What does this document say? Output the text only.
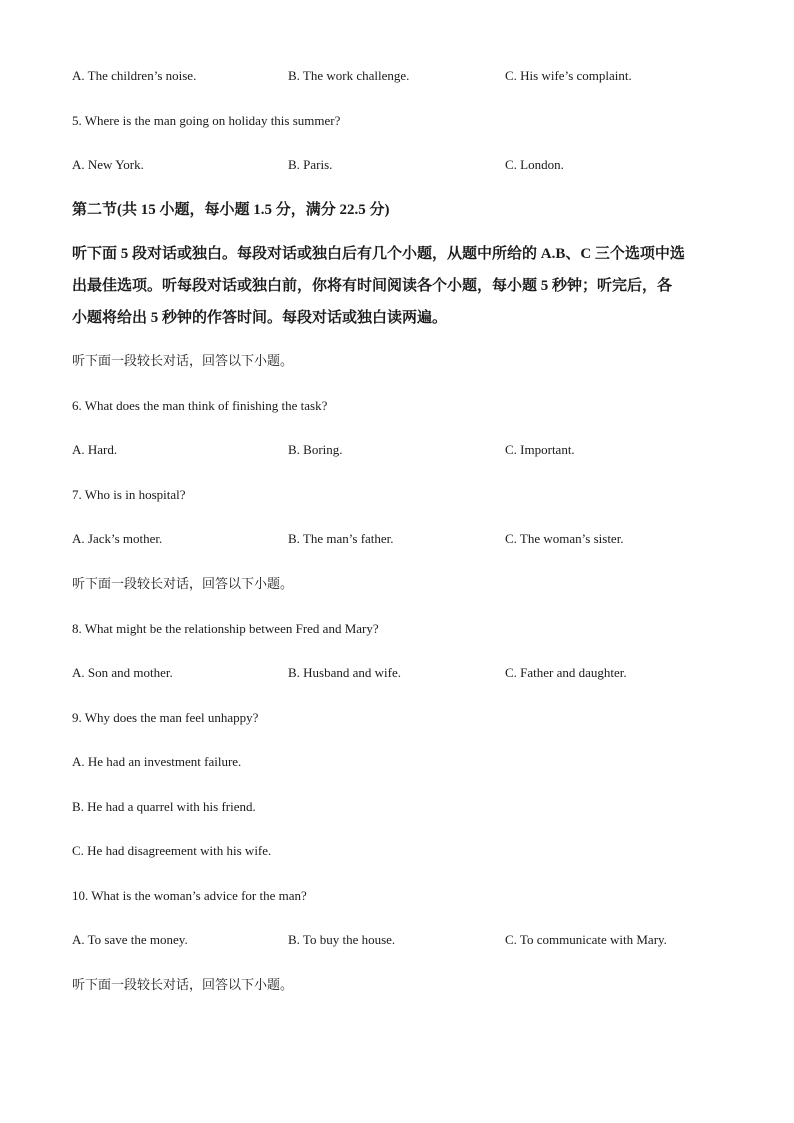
A. The children’s noise.	B. The work challenge.	C. His wife’s complaint.
5. Where is the man going on holiday this summer?
A. New York.	B. Paris.	C. London.
第二节(共 15 小题，每小题 1.5 分，满分 22.5 分)
听下面 5 段对话或独白。每段对话或独白后有几个小题，从题中所给的 A.B、C 三个选项中选
出最佳选项。听每段对话或独白前，你将有时间阅读各个小题，每小题 5 秒钟；听完后，各
小题将给出 5 秒钟的作答时间。每段对话或独白读两遍。
听下面一段较长对话，回答以下小题。
6. What does the man think of finishing the task?
A. Hard.	B. Boring.	C. Important.
7. Who is in hospital?
A. Jack’s mother.	B. The man’s father.	C. The woman’s sister.
听下面一段较长对话，回答以下小题。
8. What might be the relationship between Fred and Mary?
A. Son and mother.	B. Husband and wife.	C. Father and daughter.
9. Why does the man feel unhappy?
A. He had an investment failure.
B. He had a quarrel with his friend.
C. He had disagreement with his wife.
10. What is the woman’s advice for the man?
A. To save the money.	B. To buy the house.	C. To communicate with Mary.
听下面一段较长对话，回答以下小题。
